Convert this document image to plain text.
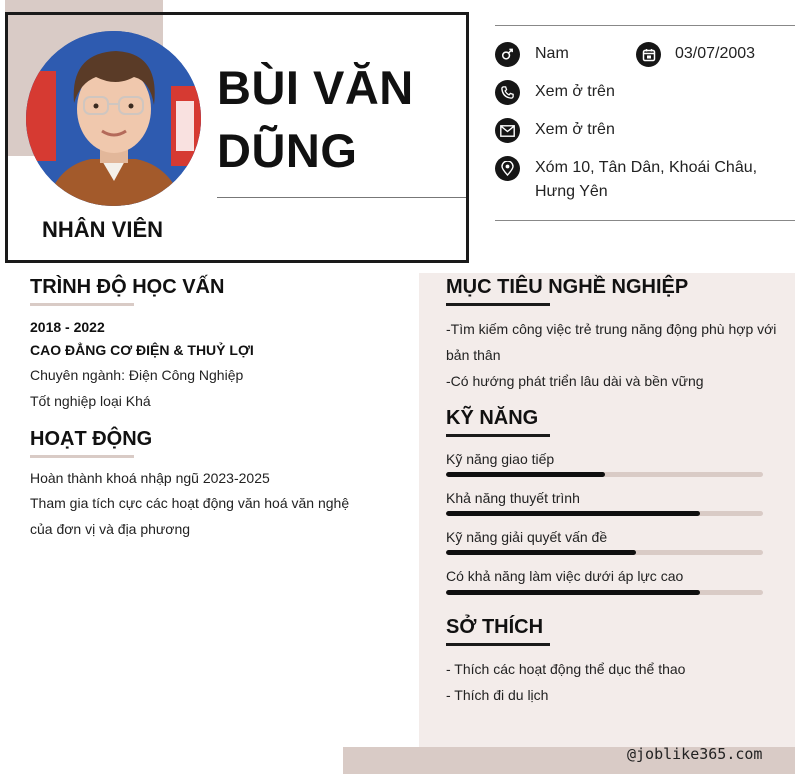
BÙI VĂN
DŨNG
NHÂN VIÊN
Nam	03/07/2003
Xem ở trên
Xem ở trên
Xóm 10, Tân Dân, Khoái Châu,
Hưng Yên
TRÌNH ĐỘ HỌC VẤN
2018 - 2022
CAO ĐẲNG CƠ ĐIỆN & THUỶ LỢI
Chuyên ngành: Điện Công Nghiệp
Tốt nghiệp loại Khá
HOẠT ĐỘNG
Hoàn thành khoá nhập ngũ 2023-2025
Tham gia tích cực các hoạt động văn hoá văn nghệ
của đơn vị và địa phương
MỤC TIÊU NGHỀ NGHIỆP
-Tìm kiếm công việc trẻ trung năng động phù hợp với
bản thân
-Có hướng phát triển lâu dài và bền vững
KỸ NĂNG
Kỹ năng giao tiếp
Khả năng thuyết trình
Kỹ năng giải quyết vấn đề
Có khả năng làm việc dưới áp lực cao
SỞ THÍCH
- Thích các hoạt động thể dục thể thao
- Thích đi du lịch
@joblike365.com
